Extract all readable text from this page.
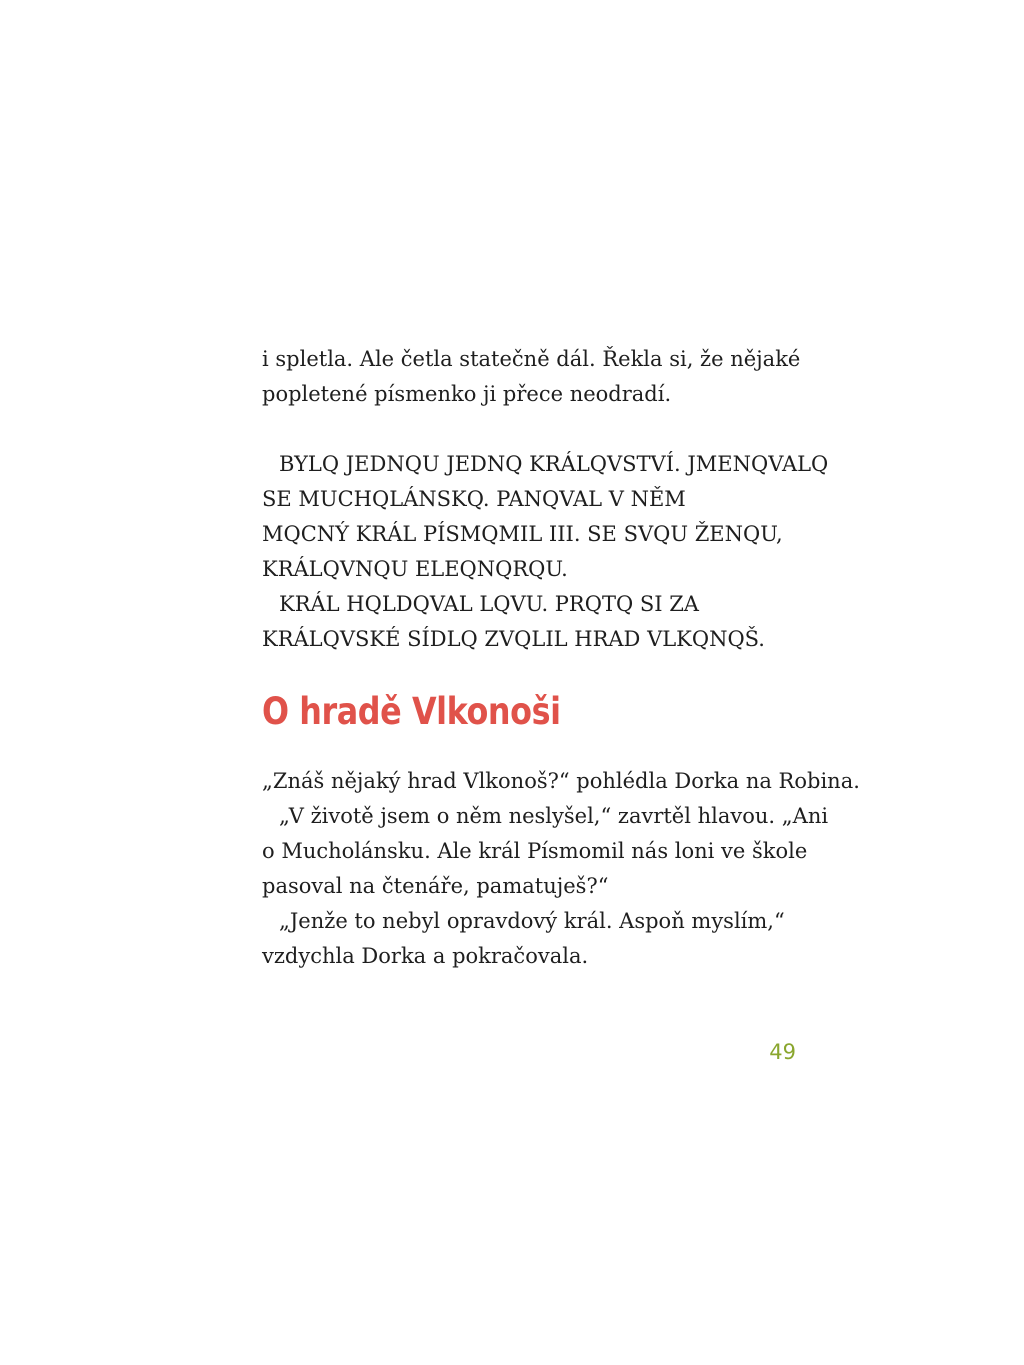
i spletla. Ale četla statečně dál. Řekla si, že nějaké

popletené písmenko ji přece neodradí.

BYLQ JEDNQU JEDNQ KRÁLQVSTVÍ. JMENQVALQ

SE MUCHQLÁNSKQ. PANQVAL V NĚM

MQCNÝ KRÁL PÍSMQMIL III. SE SVQU ŽENQU,

KRÁLQVNQU ELEQNQRQU.

KRÁL HQLDQVAL LQVU. PRQTQ SI ZA

KRÁLQVSKÉ SÍDLQ ZVQLIL HRAD VLKQNQŠ.

O hradě Vlkonoši

„Znáš nějaký hrad Vlkonoš?“ pohlédla Dorka na Robina.

„V životě jsem o něm neslyšel,“ zavrtěl hlavou. „Ani

o Mucholánsku. Ale král Písmomil nás loni ve škole

pasoval na čtenáře, pamatuješ?“

„Jenže to nebyl opravdový král. Aspoň myslím,“

vzdychla Dorka a pokračovala.

49
